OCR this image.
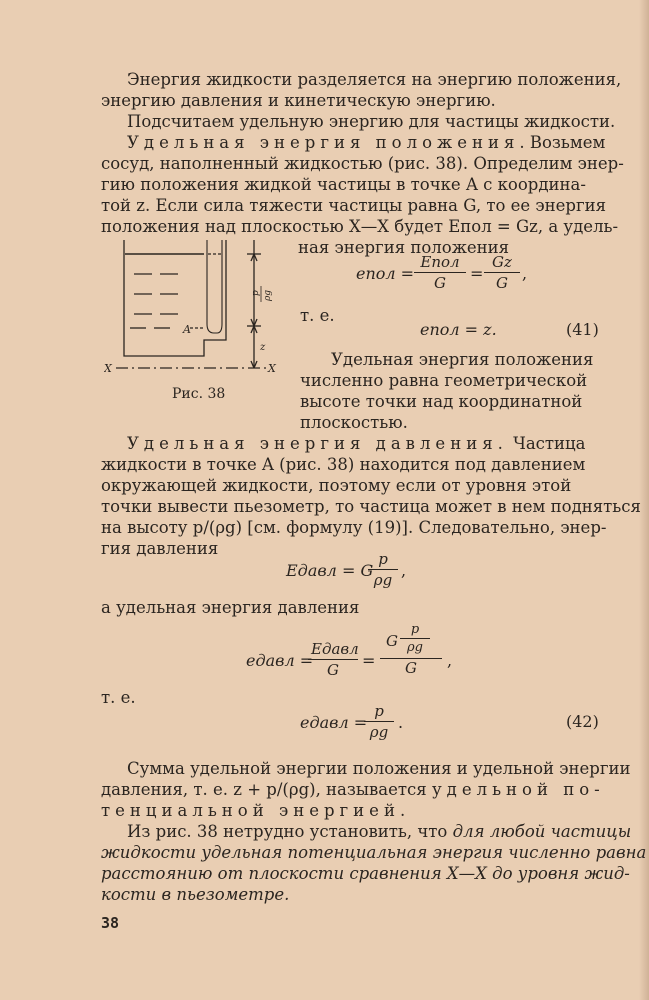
Энергия жидкости разделяется на энергию положения,
энергию давления и кинетическую энергию.
Подсчитаем удельную энергию для частицы жидкости.
Удельная энергия положения. Возьмем
сосуд, наполненный жидкостью (рис. 38). Определим энер-
гию положения жидкой частицы в точке A с координа-
той z. Если сила тяжести частицы равна G, то ее энергия
положения над плоскостью X—X будет Eпол = Gz, а удель-
ная энергия положения
A
X	X
z
p ρg
Рис. 38
eпол =
Eпол
G	=
Gz
G ,
т. е.
eпол = z.	(41)
Удельная энергия положения
численно равна геометрической
высоте точки над координатной
плоскостью.
Удельная энергия давления. Частица
жидкости в точке A (рис. 38) находится под давлением
окружающей жидкости, поэтому если от уровня этой
точки вывести пьезометр, то частица может в нем подняться
на высоту p/(ρg) [см. формулу (19)]. Следовательно, энер-
гия давления
Eдавл = G
p
ρg ,
а удельная энергия давления
eдавл =
Eдавл
G	=
G
p
ρg
G	,
т. е.
eдавл =
p
ρg .	(42)
Сумма удельной энергии положения и удельной энергии
давления, т. е. z + p/(ρg), называется удельной по-
тенциальной энергией.
Из рис. 38 нетрудно установить, что для любой частицы
жидкости удельная потенциальная энергия численно равна
расстоянию от плоскости сравнения X—X до уровня жид-
кости в пьезометре.
38
